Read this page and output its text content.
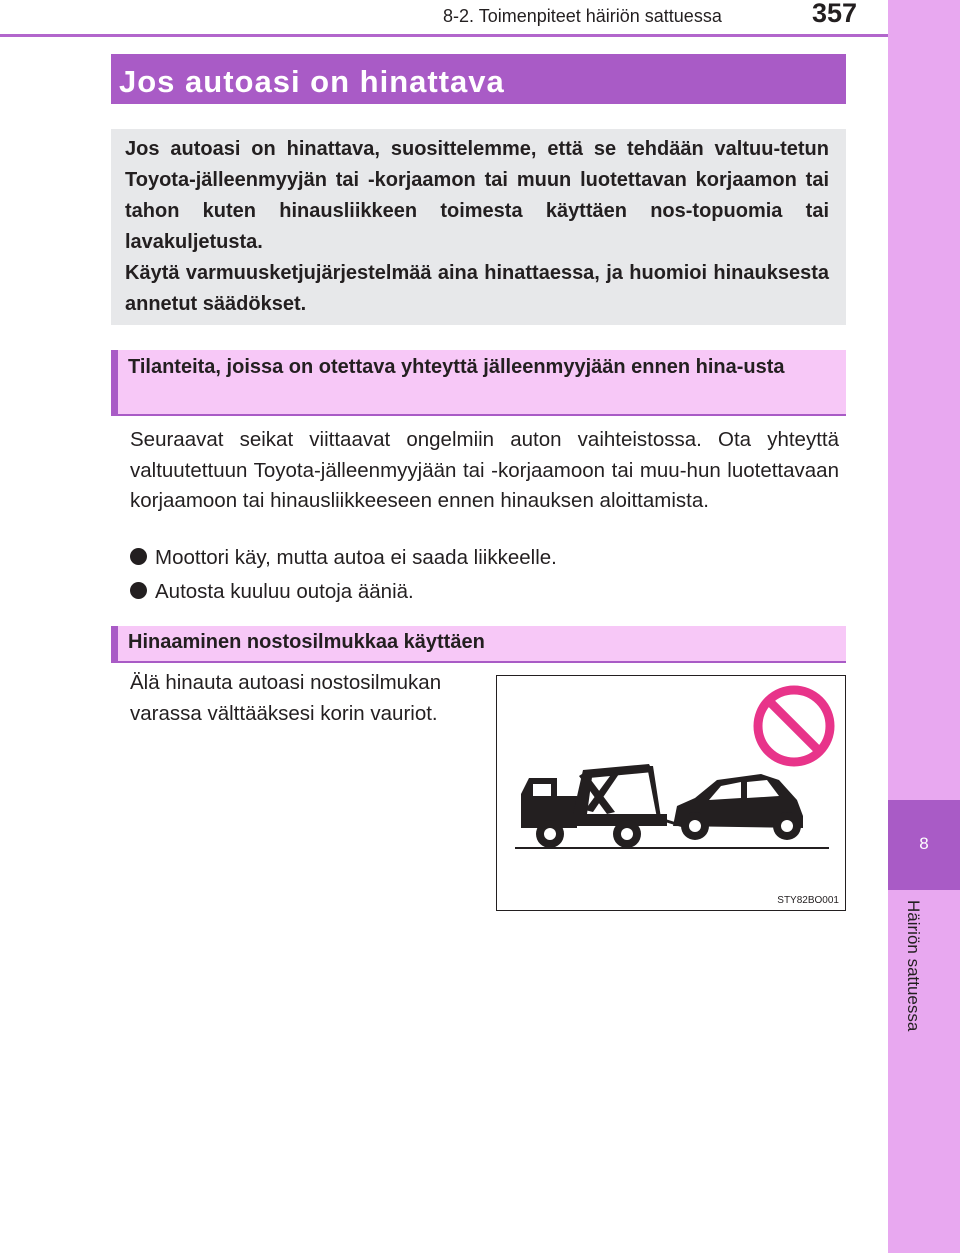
8
Häiriön sattuessa
8-2. Toimenpiteet häiriön sattuessa	357
Jos autoasi on hinattava

Jos autoasi on hinattava, suosittelemme, että se tehdään valtuu-tetun Toyota-jälleenmyyjän tai -korjaamon tai muun luotettavan korjaamon tai tahon kuten hinausliikkeen toimesta käyttäen nos-topuomia tai lavakuljetusta.

Käytä varmuusketjujärjestelmää aina hinattaessa, ja huomioi hinauksesta annetut säädökset.

Tilanteita, joissa on otettava yhteyttä jälleenmyyjään ennen hina-usta

Seuraavat seikat viittaavat ongelmiin auton vaihteistossa. Ota yhteyttä valtuutettuun Toyota-jälleenmyyjään tai -korjaamoon tai muu-hun luotettavaan korjaamoon tai hinausliikkeeseen ennen hinauksen aloittamista.

Moottori käy, mutta autoa ei saada liikkeelle.
Autosta kuuluu outoja ääniä.
Hinaaminen nostosilmukkaa käyttäen

Älä hinauta autoasi nostosilmukan varassa välttääksesi korin vauriot.

STY82BO001
